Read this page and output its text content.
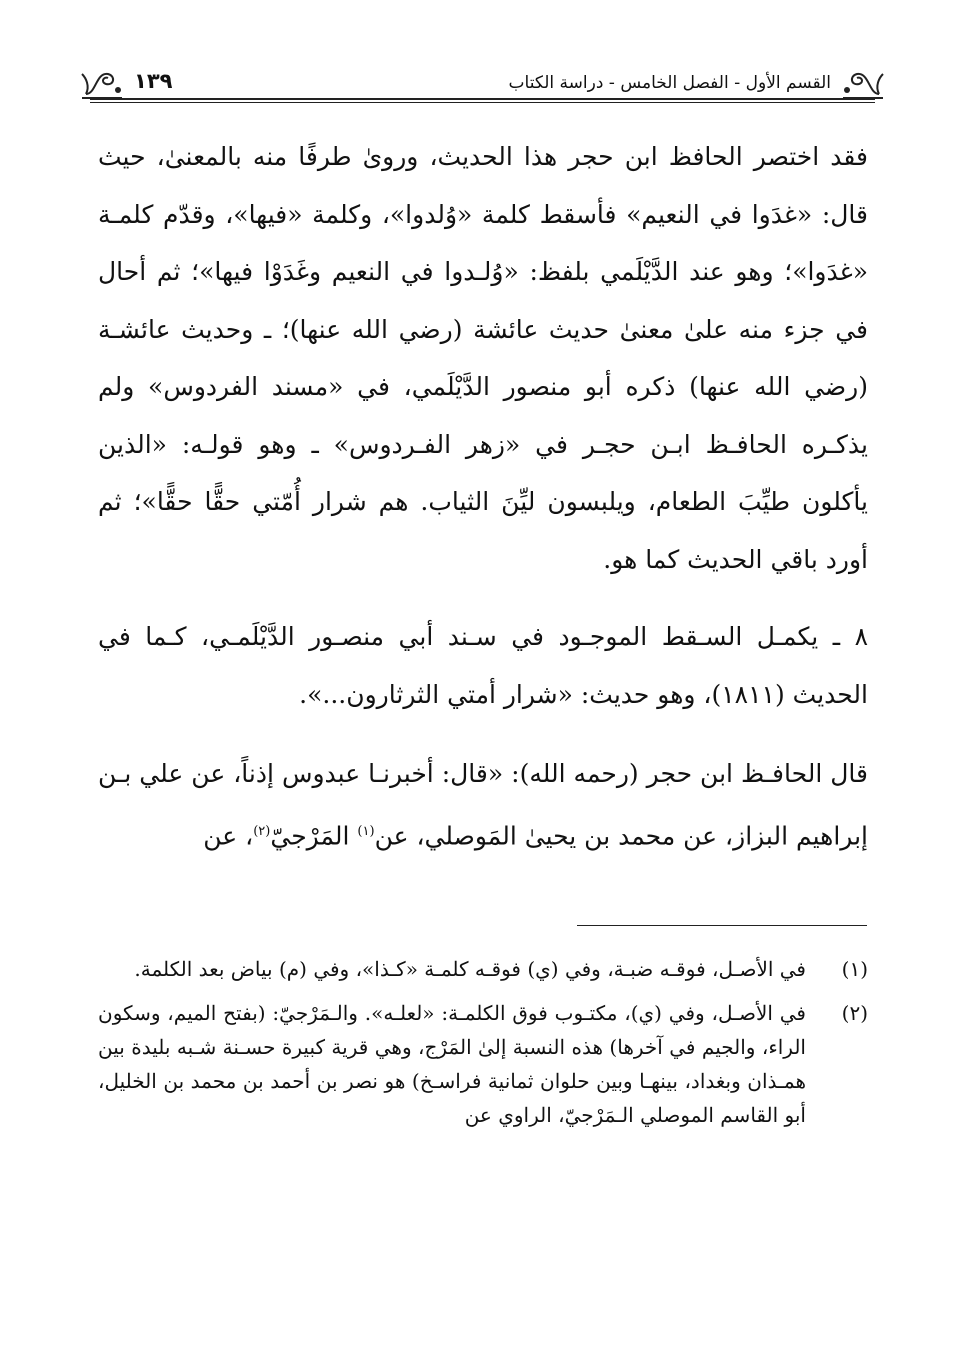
القسم الأول - الفصل الخامس - دراسة الكتاب
١٣٩

فقد اختصر الحافظ ابن حجر هذا الحديث، وروىٰ طرفًا منه بالمعنىٰ، حيث قال: «غدَوا في النعيم» فأسقط كلمة «وُلدوا»، وكلمة «فيها»، وقدّم كلمـة «غدَوا»؛ وهو عند الدَّيْلَمي بلفظ: «وُلـدوا في النعيم وغَدَوْا فيها»؛ ثم أحال في جزء منه علىٰ معنىٰ حديث عائشة (رضي الله عنها)؛ ـ وحديث عائشـة (رضي الله عنها) ذكره أبو منصور الدَّيْلَمي، في «مسند الفردوس» ولم يذكـره الحافـظ ابـن حجـر في «زهر الفـردوس» ـ وهو قولـه: «الذين يأكلون طيِّبَ الطعام، ويلبسون ليِّنَ الثياب. هم شرار أُمّتي حقًّا حقًّا»؛ ثم أورد باقي الحديث كما هو.

٨ ـ يكمـل السـقط الموجـود في سـند أبي منصـور الدَّيْلَمـي، كـما في الحديث (١٨١١)، وهو حديث: «شرار أمتي الثرثارون...».

قال الحافـظ ابن حجر (رحمه الله): «قال: أخبرنـا عبدوس إذناً، عن علي بـن إبراهيم البزاز، عن محمد بن يحيىٰ المَوصلي، عن$^{(١)}$ المَرْجيّ$^{(٢)}$، عن

(١)
في الأصـل، فوقـه ضبـة، وفي (ي) فوقـه كلمـة «كـذا»، وفي (م) بياض بعد الكلمة.
(٢)
في الأصـل، وفي (ي)، مكتـوب فوق الكلمـة: «لعلـه». والـمَرْجيّ: (بفتح الميم، وسكون الراء، والجيم في آخرها) هذه النسبة إلىٰ المَرْج، وهي قرية كبيرة حسـنة شـبه بليدة بين همـذان وبغداد، بينهـا وبين حلوان ثمانية فراسـخ) هو نصر بن أحمد بن محمد بن الخليل، أبو القاسم الموصلي الـمَرْجيّ، الراوي عن
